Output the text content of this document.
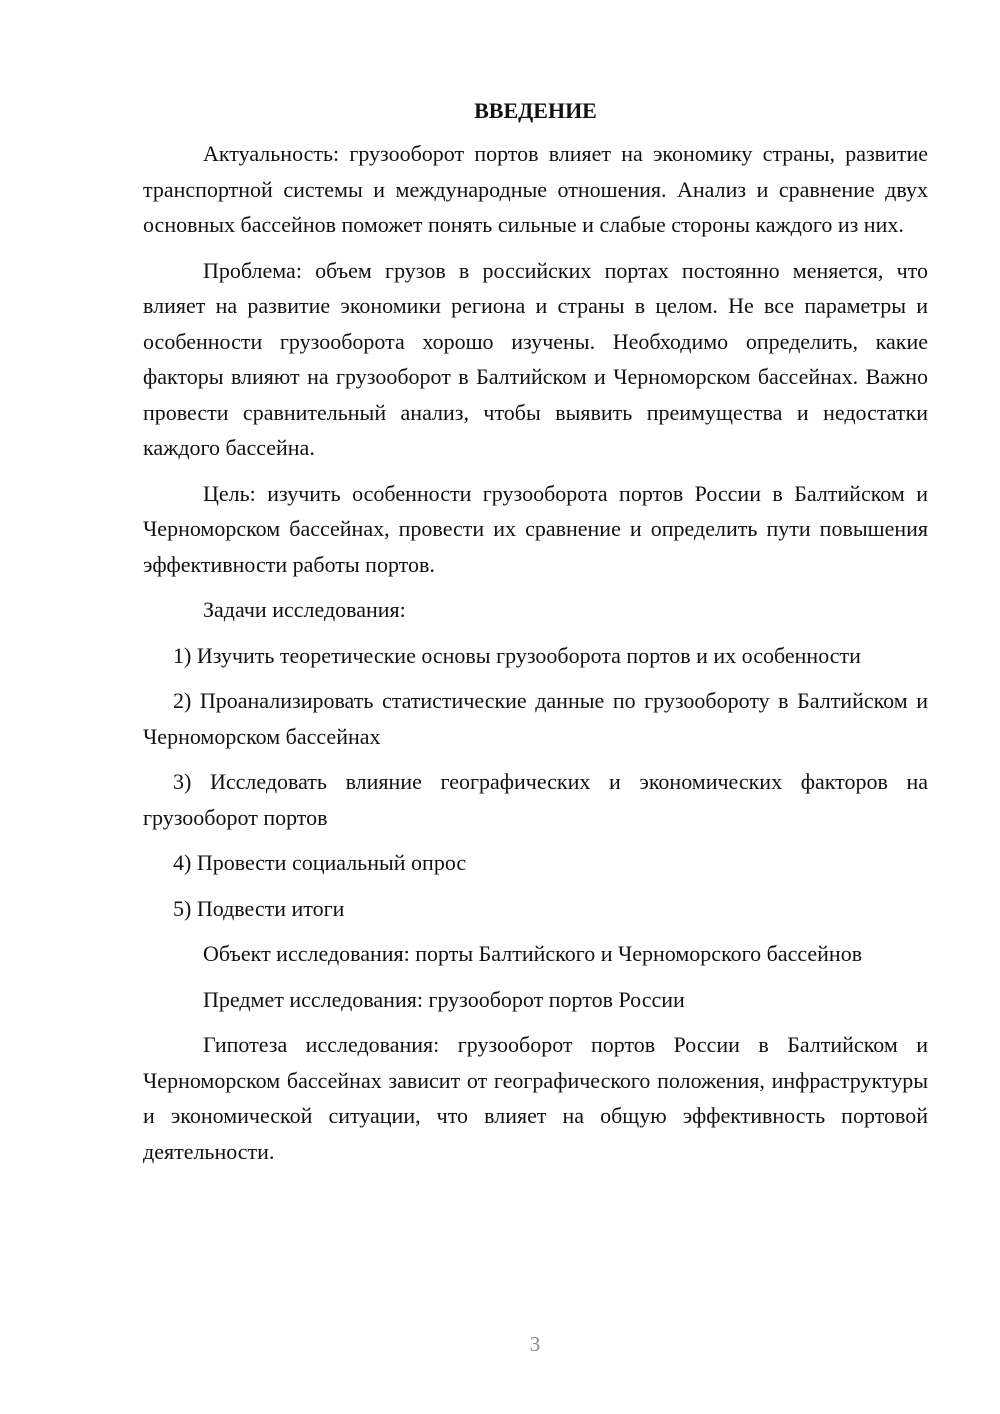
ВВЕДЕНИЕ

Актуальность: грузооборот портов влияет на экономику страны, развитие транспортной системы и международные отношения. Анализ и сравнение двух основных бассейнов поможет понять сильные и слабые стороны каждого из них.

Проблема: объем грузов в российских портах постоянно меняется, что влияет на развитие экономики региона и страны в целом. Не все параметры и особенности грузооборота хорошо изучены. Необходимо определить, какие факторы влияют на грузооборот в Балтийском и Черноморском бассейнах. Важно провести сравнительный анализ, чтобы выявить преимущества и недостатки каждого бассейна.

Цель: изучить особенности грузооборота портов России в Балтийском и Черноморском бассейнах, провести их сравнение и определить пути повышения эффективности работы портов.

Задачи исследования:

1) Изучить теоретические основы грузооборота портов и их особенности

2) Проанализировать статистические данные по грузообороту в Балтийском и Черноморском бассейнах

3) Исследовать влияние географических и экономических факторов на грузооборот портов

4) Провести социальный опрос

5) Подвести итоги

Объект исследования: порты Балтийского и Черноморского бассейнов

Предмет исследования: грузооборот портов России

Гипотеза исследования: грузооборот портов России в Балтийском и Черноморском бассейнах зависит от географического положения, инфраструктуры и экономической ситуации, что влияет на общую эффективность портовой деятельности.

3
